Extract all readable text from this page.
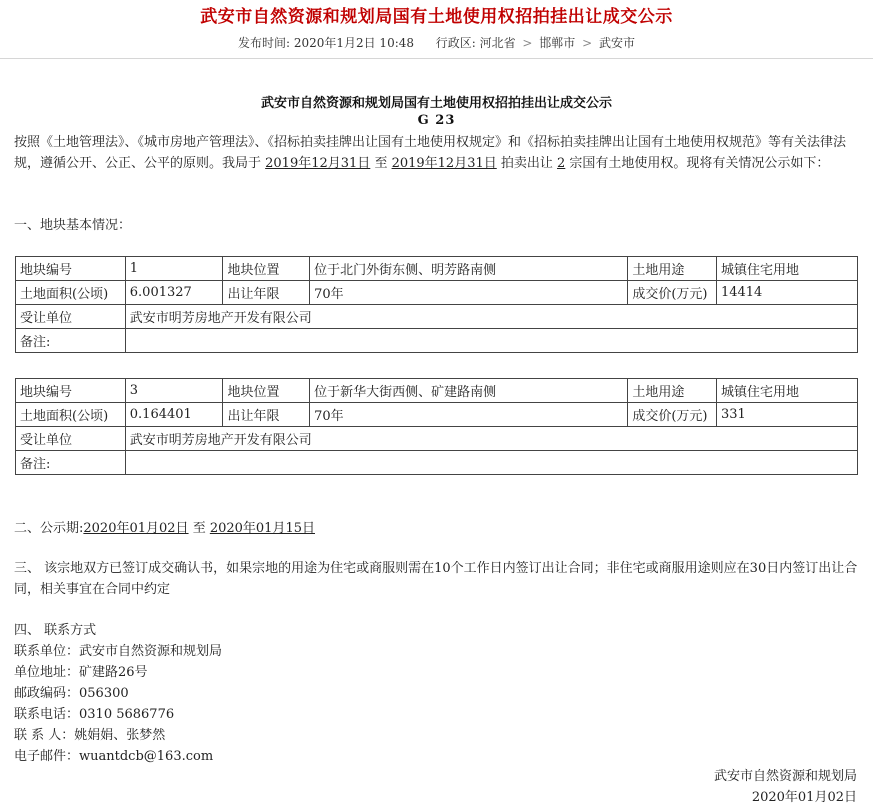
武安市自然资源和规划局国有土地使用权招拍挂出让成交公示
发布时间: 2020年1月2日 10:48 行政区: 河北省 > 邯郸市 > 武安市
武安市自然资源和规划局国有土地使用权招拍挂出让成交公示
G 23
按照《土地管理法》、《城市房地产管理法》、《招标拍卖挂牌出让国有土地使用权规定》和《招标拍卖挂牌出让国有土地使用权规范》等有关法律法规，遵循公开、公正、公平的原则。我局于 2019年12月31日 至 2019年12月31日 拍卖出让 2 宗国有土地使用权。现将有关情况公示如下：
一、地块基本情况：
地块编号	1	地块位置	位于北门外街东侧、明芳路南侧	土地用途	城镇住宅用地
土地面积(公顷)	6.001327	出让年限	70年	成交价(万元)	14414
受让单位	武安市明芳房地产开发有限公司				
备注:					
地块编号	3	地块位置	位于新华大街西侧、矿建路南侧	土地用途	城镇住宅用地
土地面积(公顷)	0.164401	出让年限	70年	成交价(万元)	331
受让单位	武安市明芳房地产开发有限公司				
备注:					
二、公示期:2020年01月02日 至 2020年01月15日
三、 该宗地双方已签订成交确认书，如果宗地的用途为住宅或商服则需在10个工作日内签订出让合同；非住宅或商服用途则应在30日内签订出让合同，相关事宜在合同中约定
四、 联系方式
联系单位：武安市自然资源和规划局
单位地址：矿建路26号
邮政编码：056300
联系电话：0310 5686776
联 系 人：姚娟娟、张梦然
电子邮件：wuantdcb@163.com
武安市自然资源和规划局
2020年01月02日
